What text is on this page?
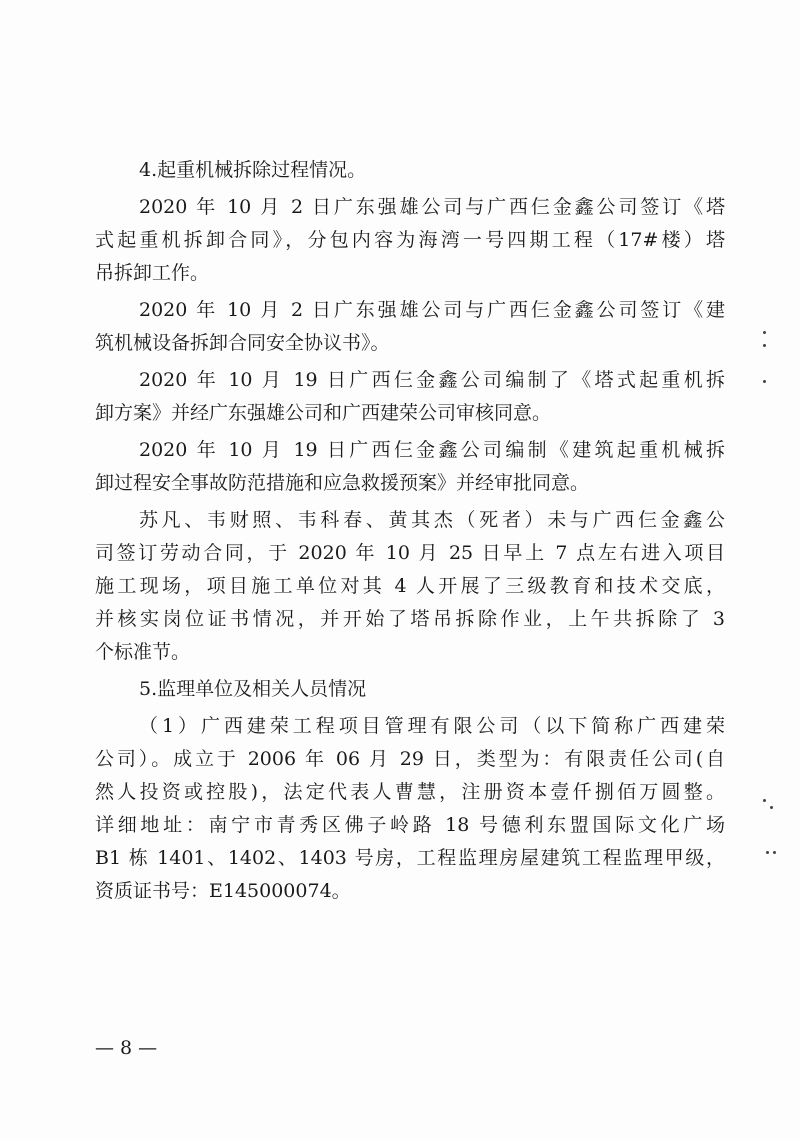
4.起重机械拆除过程情况。
2020 年 10 月 2 日广东强雄公司与广西仨金鑫公司签订《塔
式起重机拆卸合同》，分包内容为海湾一号四期工程（17#楼）塔
吊拆卸工作。
2020 年 10 月 2 日广东强雄公司与广西仨金鑫公司签订《建
筑机械设备拆卸合同安全协议书》。
2020 年 10 月 19 日广西仨金鑫公司编制了《塔式起重机拆
卸方案》并经广东强雄公司和广西建荣公司审核同意。
2020 年 10 月 19 日广西仨金鑫公司编制《建筑起重机械拆
卸过程安全事故防范措施和应急救援预案》并经审批同意。
苏凡、韦财照、韦科春、黄其杰（死者）未与广西仨金鑫公
司签订劳动合同，于 2020 年 10 月 25 日早上 7 点左右进入项目
施工现场，项目施工单位对其 4 人开展了三级教育和技术交底，
并核实岗位证书情况，并开始了塔吊拆除作业，上午共拆除了 3
个标准节。
5.监理单位及相关人员情况
（1）广西建荣工程项目管理有限公司（以下简称广西建荣
公司）。成立于 2006 年 06 月 29 日，类型为：有限责任公司(自
然人投资或控股)，法定代表人曹慧，注册资本壹仟捌佰万圆整。
详细地址：南宁市青秀区佛子岭路 18 号德利东盟国际文化广场
B1 栋 1401、1402、1403 号房，工程监理房屋建筑工程监理甲级，
资质证书号：E145000074。
— 8 —
